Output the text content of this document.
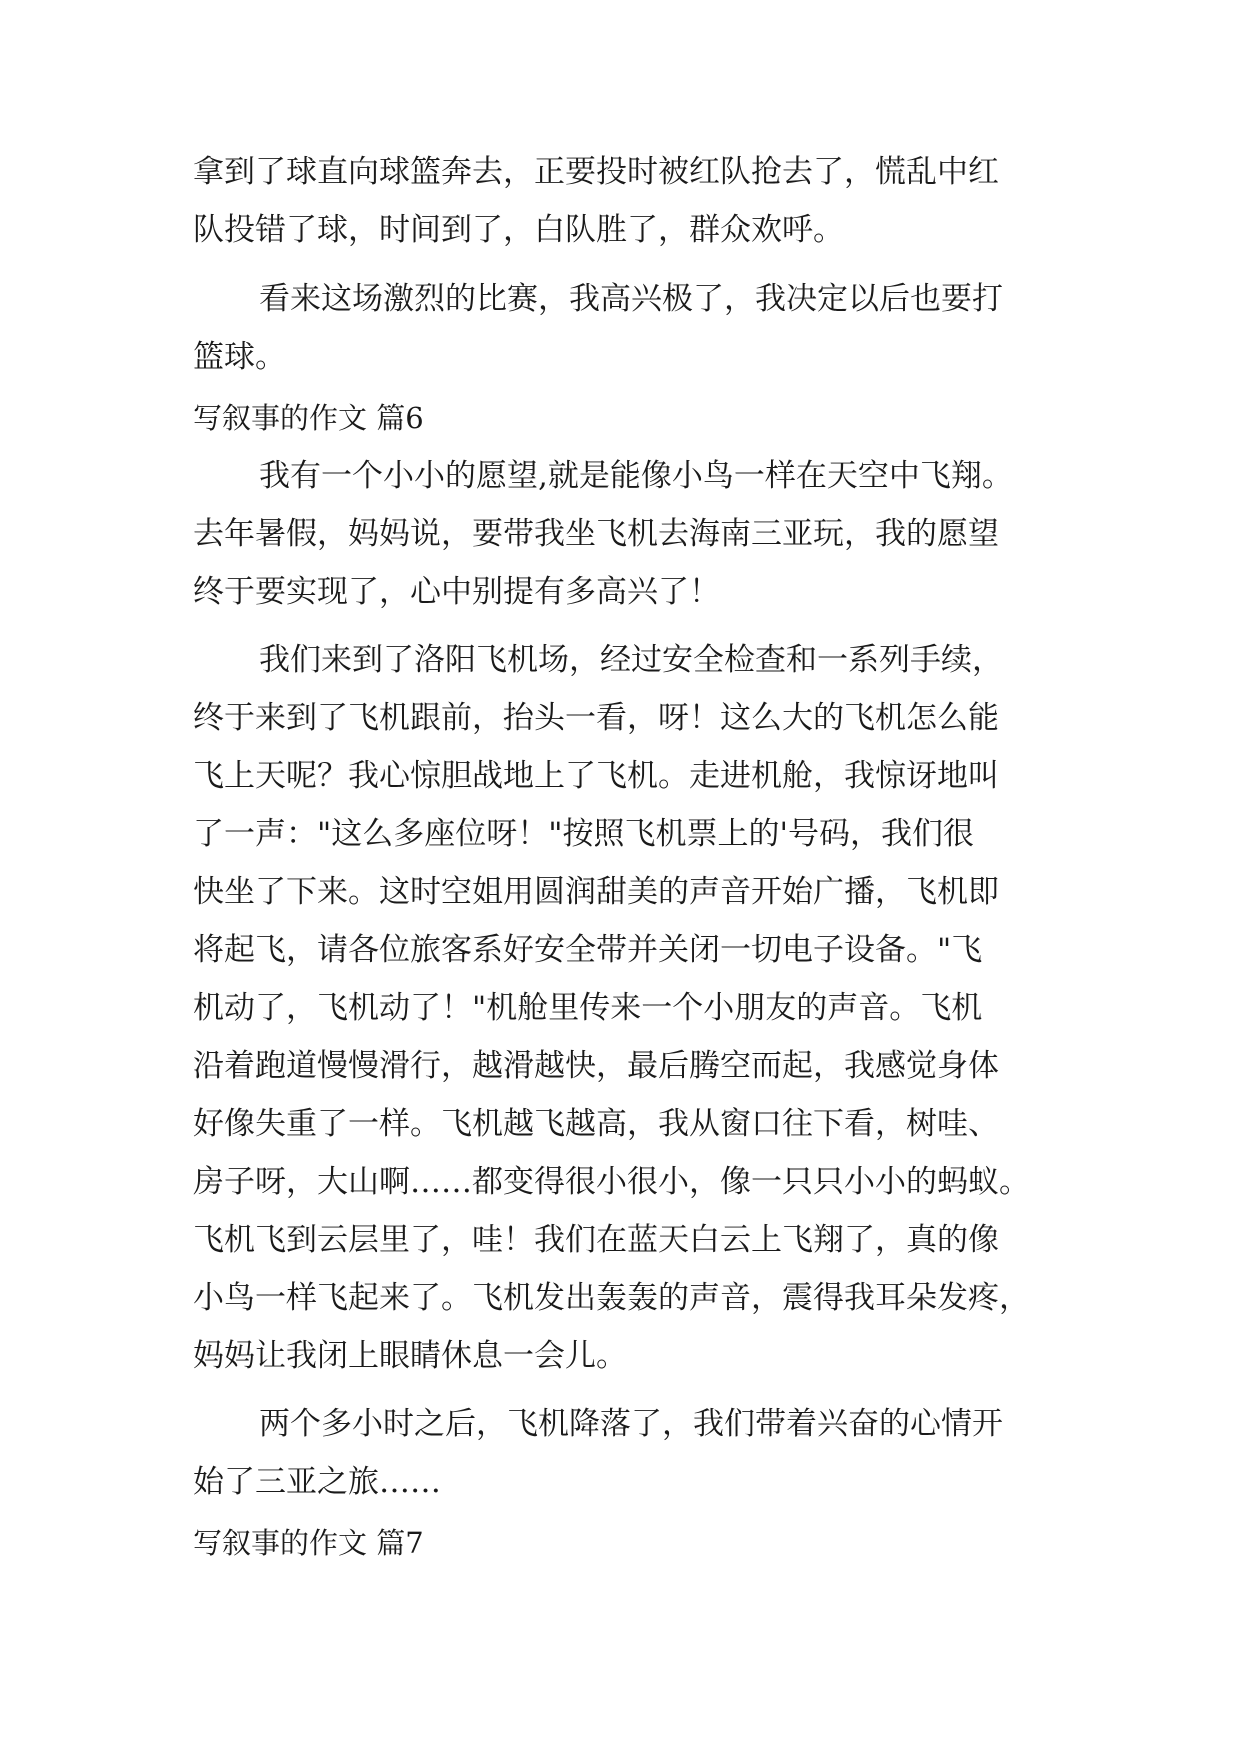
拿到了球直向球篮奔去，正要投时被红队抢去了，慌乱中红
队投错了球，时间到了，白队胜了，群众欢呼。
看来这场激烈的比赛，我高兴极了，我决定以后也要打
篮球。
写叙事的作文 篇6
我有一个小小的愿望,就是能像小鸟一样在天空中飞翔。
去年暑假，妈妈说，要带我坐飞机去海南三亚玩，我的愿望
终于要实现了，心中别提有多高兴了！
我们来到了洛阳飞机场，经过安全检查和一系列手续，
终于来到了飞机跟前，抬头一看，呀！这么大的飞机怎么能
飞上天呢？我心惊胆战地上了飞机。走进机舱，我惊讶地叫
了一声："这么多座位呀！"按照飞机票上的'号码，我们很
快坐了下来。这时空姐用圆润甜美的声音开始广播，飞机即
将起飞，请各位旅客系好安全带并关闭一切电子设备。"飞
机动了，飞机动了！"机舱里传来一个小朋友的声音。飞机
沿着跑道慢慢滑行，越滑越快，最后腾空而起，我感觉身体
好像失重了一样。飞机越飞越高，我从窗口往下看，树哇、
房子呀，大山啊……都变得很小很小，像一只只小小的蚂蚁。
飞机飞到云层里了，哇！我们在蓝天白云上飞翔了，真的像
小鸟一样飞起来了。飞机发出轰轰的声音，震得我耳朵发疼，
妈妈让我闭上眼睛休息一会儿。
两个多小时之后，飞机降落了，我们带着兴奋的心情开
始了三亚之旅……
写叙事的作文 篇7
